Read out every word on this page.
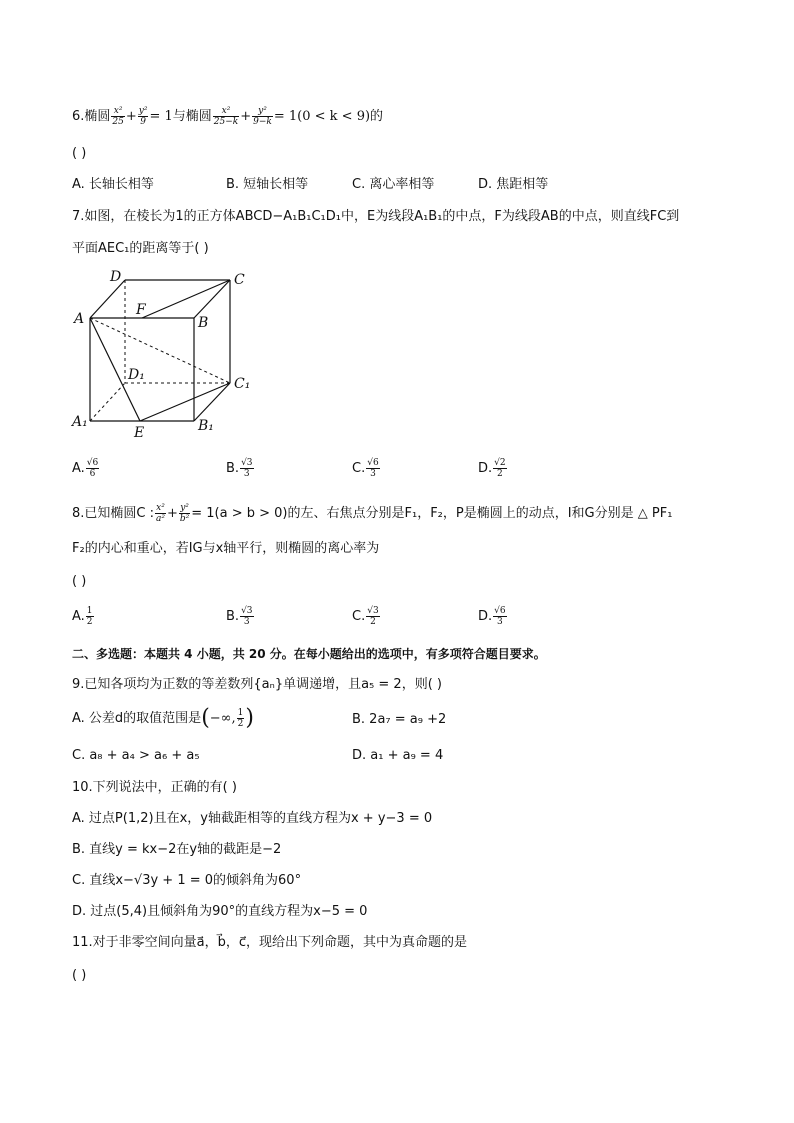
6.椭圆 $\frac{\text{x²}}{25} + \frac{\text{y²}}{9} = 1$与椭圆 $\frac{\text{x²}}{25-k} + \frac{\text{y²}}{9-k} = 1(0 < k < 9)$的
( )
A. 长轴长相等	B. 短轴长相等	C. 离心率相等	D. 焦距相等
7.如图，在棱长为1的正方体ABCD−A₁B₁C₁D₁中，E为线段A₁B₁的中点，F为线段AB的中点，则直线FC到
平面AEC₁的距离等于( )
A	B
C
D
A₁	B₁
C₁
D₁
E
F
A. $\frac{√6}{6}$	B. $\frac{√3}{3}$	C. $\frac{√6}{3}$	D. $\frac{√2}{2}$
8.已知椭圆C : $\frac{\text{x²}}{\text{a²}} + \frac{\text{y²}}{\text{b²}} = 1(a > b > 0)$的左、右焦点分别是F₁，F₂，P是椭圆上的动点，I和G分别是 △ PF₁
F₂的内心和重心，若IG与x轴平行，则椭圆的离心率为
( )
A. $\frac{1}{2}$	B. $\frac{√3}{3}$	C. $\frac{√3}{2}$	D. $\frac{√6}{3}$
二、多选题：本题共 4 小题，共 20 分。在每小题给出的选项中，有多项符合题目要求。
9.已知各项均为正数的等差数列{aₙ}单调递增，且a₅ = 2，则( )
A. 公差d的取值范围是(−∞, $\frac{1}{2}$ )	B. 2a₇ = a₉ +2
C. a₈ + a₄ > a₆ + a₅	D. a₁ + a₉ = 4
10.下列说法中，正确的有( )
A. 过点P(1,2)且在x，y轴截距相等的直线方程为x + y−3 = 0
B. 直线y = kx−2在y轴的截距是−2
C. 直线x−√3y + 1 = 0的倾斜角为60°
D. 过点(5,4)且倾斜角为90°的直线方程为x−5 = 0
11.对于非零空间向量a⃗，b⃗，c⃗，现给出下列命题，其中为真命题的是
( )
